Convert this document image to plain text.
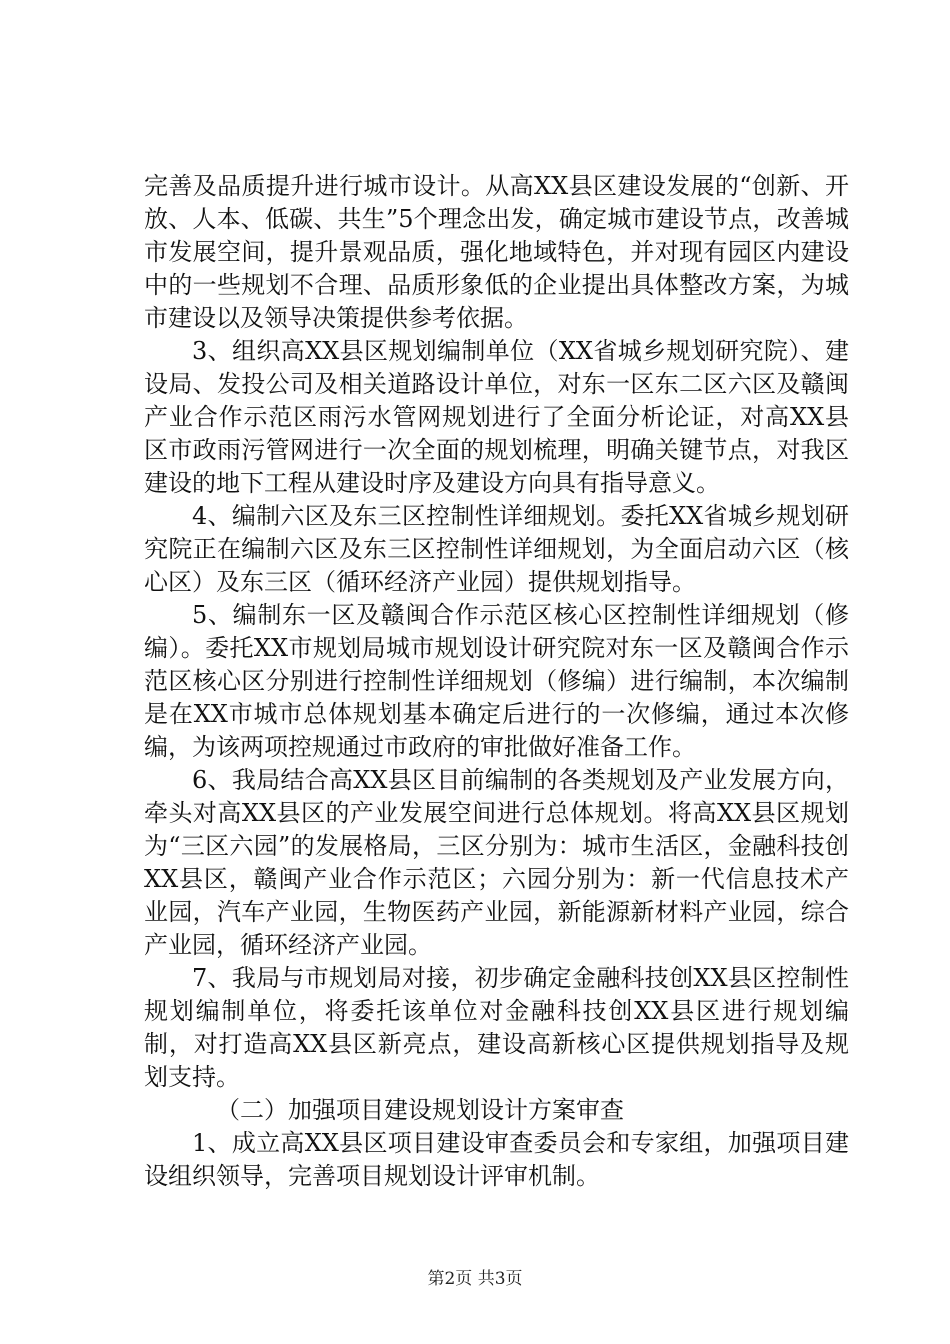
完善及品质提升进行城市设计。从高XX县区建设发展的“创新、开放、人本、低碳、共生”5个理念出发，确定城市建设节点，改善城市发展空间，提升景观品质，强化地域特色，并对现有园区内建设中的一些规划不合理、品质形象低的企业提出具体整改方案，为城市建设以及领导决策提供参考依据。

3、组织高XX县区规划编制单位（XX省城乡规划研究院）、建设局、发投公司及相关道路设计单位，对东一区东二区六区及赣闽产业合作示范区雨污水管网规划进行了全面分析论证，对高XX县区市政雨污管网进行一次全面的规划梳理，明确关键节点，对我区建设的地下工程从建设时序及建设方向具有指导意义。

4、编制六区及东三区控制性详细规划。委托XX省城乡规划研究院正在编制六区及东三区控制性详细规划，为全面启动六区（核心区）及东三区（循环经济产业园）提供规划指导。

5、编制东一区及赣闽合作示范区核心区控制性详细规划（修编）。委托XX市规划局城市规划设计研究院对东一区及赣闽合作示范区核心区分别进行控制性详细规划（修编）进行编制，本次编制是在XX市城市总体规划基本确定后进行的一次修编，通过本次修编，为该两项控规通过市政府的审批做好准备工作。

6、我局结合高XX县区目前编制的各类规划及产业发展方向，牵头对高XX县区的产业发展空间进行总体规划。将高XX县区规划为“三区六园”的发展格局，三区分别为：城市生活区，金融科技创XX县区，赣闽产业合作示范区；六园分别为：新一代信息技术产业园，汽车产业园，生物医药产业园，新能源新材料产业园，综合产业园，循环经济产业园。

7、我局与市规划局对接，初步确定金融科技创XX县区控制性规划编制单位，将委托该单位对金融科技创XX县区进行规划编制，对打造高XX县区新亮点，建设高新核心区提供规划指导及规划支持。

（二）加强项目建设规划设计方案审查

1、成立高XX县区项目建设审查委员会和专家组，加强项目建设组织领导，完善项目规划设计评审机制。

第2页 共3页
